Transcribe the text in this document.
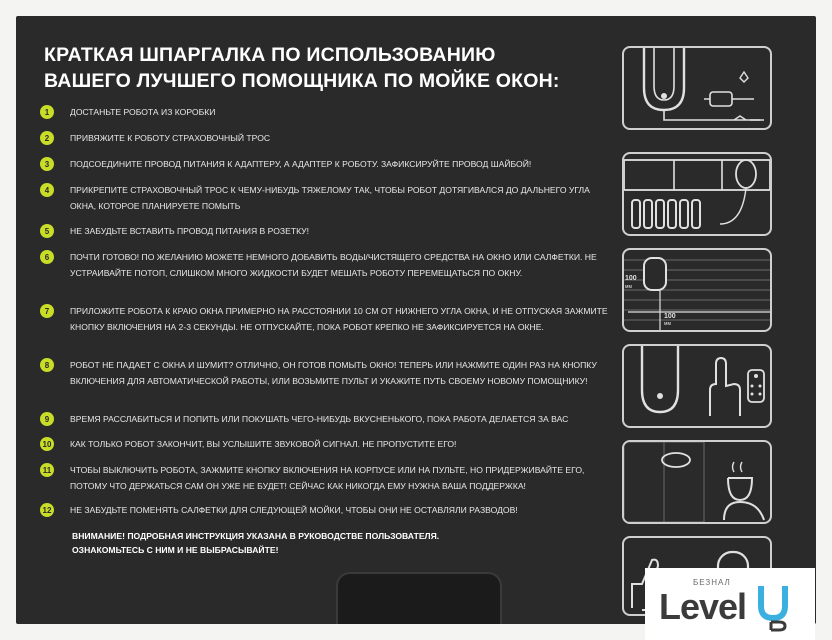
КРАТКАЯ ШПАРГАЛКА ПО ИСПОЛЬЗОВАНИЮ
ВАШЕГО ЛУЧШЕГО ПОМОЩНИКА ПО МОЙКЕ ОКОН:
1	ДОСТАНЬТЕ РОБОТА ИЗ КОРОБКИ
2	ПРИВЯЖИТЕ К РОБОТУ СТРАХОВОЧНЫЙ ТРОС
3	ПОДСОЕДИНИТЕ ПРОВОД ПИТАНИЯ К АДАПТЕРУ, А АДАПТЕР К РОБОТУ. ЗАФИКСИРУЙТЕ ПРОВОД ШАЙБОЙ!
4	ПРИКРЕПИТЕ СТРАХОВОЧНЫЙ ТРОС К ЧЕМУ-НИБУДЬ ТЯЖЕЛОМУ ТАК, ЧТОБЫ РОБОТ ДОТЯГИВАЛСЯ ДО ДАЛЬНЕГО УГЛА ОКНА, КОТОРОЕ ПЛАНИРУЕТЕ ПОМЫТЬ
5	НЕ ЗАБУДЬТЕ ВСТАВИТЬ ПРОВОД ПИТАНИЯ В РОЗЕТКУ!
6	ПОЧТИ ГОТОВО! ПО ЖЕЛАНИЮ МОЖЕТЕ НЕМНОГО ДОБАВИТЬ ВОДЫ/ЧИСТЯЩЕГО СРЕДСТВА НА ОКНО ИЛИ САЛФЕТКИ. НЕ УСТРАИВАЙТЕ ПОТОП, СЛИШКОМ МНОГО ЖИДКОСТИ БУДЕТ МЕШАТЬ РОБОТУ ПЕРЕМЕЩАТЬСЯ ПО ОКНУ.
7	ПРИЛОЖИТЕ РОБОТА К КРАЮ ОКНА ПРИМЕРНО НА РАССТОЯНИИ 10 СМ ОТ НИЖНЕГО УГЛА ОКНА, И НЕ ОТПУСКАЯ ЗАЖМИТЕ КНОПКУ ВКЛЮЧЕНИЯ НА 2-3 СЕКУНДЫ. НЕ ОТПУСКАЙТЕ, ПОКА РОБОТ КРЕПКО НЕ ЗАФИКСИРУЕТСЯ НА ОКНЕ.
8	РОБОТ НЕ ПАДАЕТ С ОКНА И ШУМИТ? ОТЛИЧНО, ОН ГОТОВ ПОМЫТЬ ОКНО! ТЕПЕРЬ ИЛИ НАЖМИТЕ ОДИН РАЗ НА КНОПКУ ВКЛЮЧЕНИЯ ДЛЯ АВТОМАТИЧЕСКОЙ РАБОТЫ, ИЛИ ВОЗЬМИТЕ ПУЛЬТ И УКАЖИТЕ ПУТЬ СВОЕМУ НОВОМУ ПОМОЩНИКУ!
9	ВРЕМЯ РАССЛАБИТЬСЯ И ПОПИТЬ ИЛИ ПОКУШАТЬ ЧЕГО-НИБУДЬ ВКУСНЕНЬКОГО, ПОКА РАБОТА ДЕЛАЕТСЯ ЗА ВАС
10 КАК ТОЛЬКО РОБОТ ЗАКОНЧИТ, ВЫ УСЛЫШИТЕ ЗВУКОВОЙ СИГНАЛ. НЕ ПРОПУСТИТЕ ЕГО!
11	ЧТОБЫ ВЫКЛЮЧИТЬ РОБОТА, ЗАЖМИТЕ КНОПКУ ВКЛЮЧЕНИЯ НА КОРПУСЕ ИЛИ НА ПУЛЬТЕ, НО ПРИДЕРЖИВАЙТЕ ЕГО, ПОТОМУ ЧТО ДЕРЖАТЬСЯ САМ ОН УЖЕ НЕ БУДЕТ! СЕЙЧАС КАК НИКОГДА ЕМУ НУЖНА ВАША ПОДДЕРЖКА!
12 НЕ ЗАБУДЬТЕ ПОМЕНЯТЬ САЛФЕТКИ ДЛЯ СЛЕДУЮЩЕЙ МОЙКИ, ЧТОБЫ ОНИ НЕ ОСТАВЛЯЛИ РАЗВОДОВ!
ВНИМАНИЕ! ПОДРОБНАЯ ИНСТРУКЦИЯ УКАЗАНА В РУКОВОДСТВЕ ПОЛЬЗОВАТЕЛЯ.
ОЗНАКОМЬТЕСЬ С НИМ И НЕ ВЫБРАСЫВАЙТЕ!
100
мм
100
мм
БЕЗНАЛ
Level
